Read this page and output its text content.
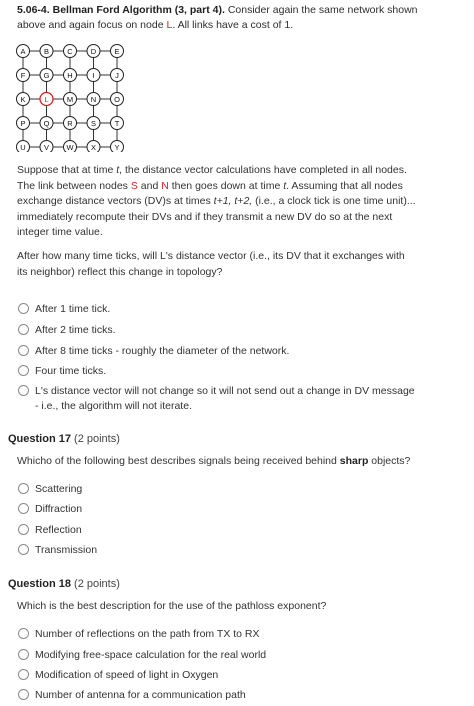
5.06-4. Bellman Ford Algorithm (3, part 4). Consider again the same network shown
above and again focus on node L. All links have a cost of 1.
A B C D E
F G H	I	J
K	L M N O
P Q R S T
U V W X Y
Suppose that at time t, the distance vector calculations have completed in all nodes.
The link between nodes S and N then goes down at time t. Assuming that all nodes
exchange distance vectors (DV)s at times t+1, t+2, (i.e., a clock tick is one time unit)...
immediately recompute their DVs and if they transmit a new DV do so at the next
integer time value.
After how many time ticks, will L's distance vector (i.e., its DV that it exchanges with
its neighbor) reflect this change in topology?
After 1 time tick.
After 2 time ticks.
After 8 time ticks - roughly the diameter of the network.
Four time ticks.
L's distance vector will not change so it will not send out a change in DV message
- i.e., the algorithm will not iterate.
Question 17 (2 points)
Whicho of the following best describes signals being received behind sharp objects?
Scattering
Diffraction
Reflection
Transmission
Question 18 (2 points)
Which is the best description for the use of the pathloss exponent?
Number of reflections on the path from TX to RX
Modifying free-space calculation for the real world
Modification of speed of light in Oxygen
Number of antenna for a communication path
